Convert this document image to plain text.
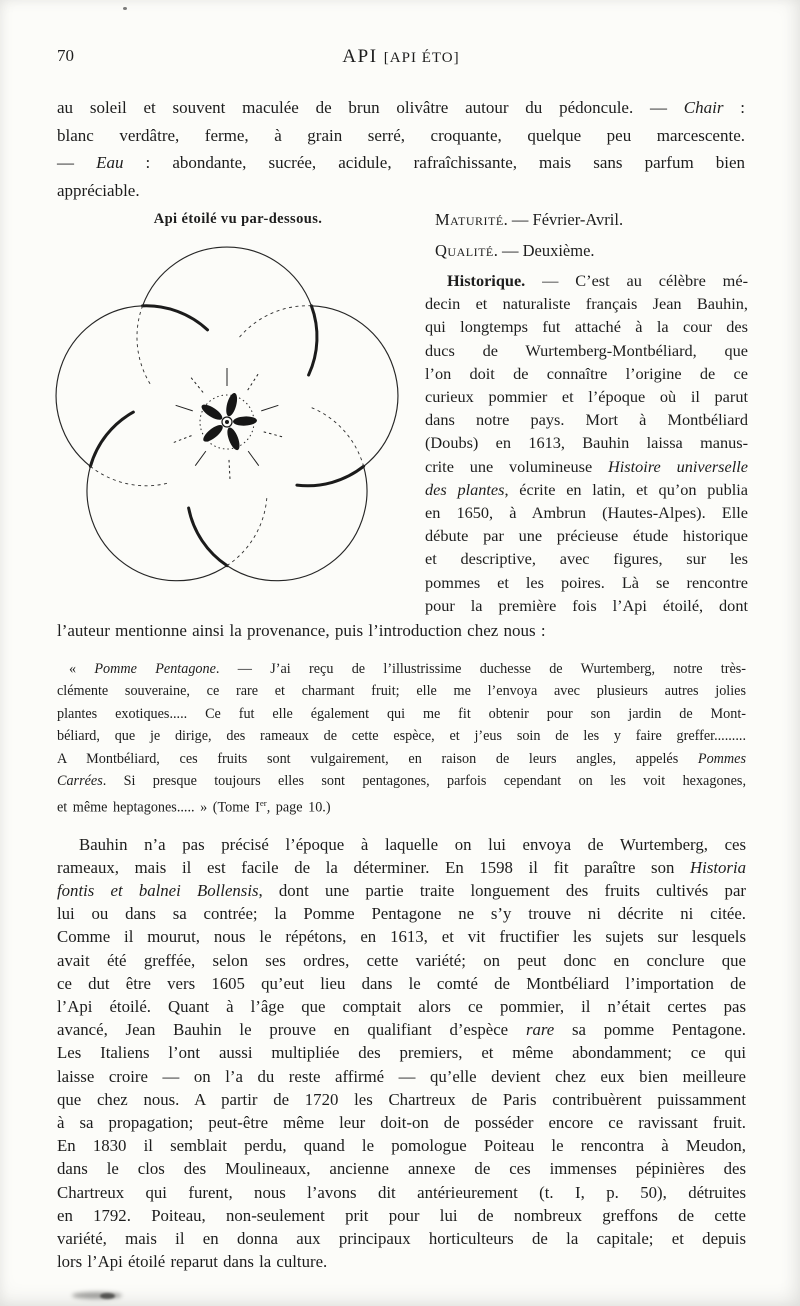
70	API [API ÉTO]
au soleil et souvent maculée de brun olivâtre autour du pédoncule. — Chair :
blanc verdâtre, ferme, à grain serré, croquante, quelque peu marcescente.
— Eau : abondante, sucrée, acidule, rafraîchissante, mais sans parfum bien
appréciable.
Api étoilé vu par-dessous.	Maturité. — Février-Avril.
Qualité. — Deuxième.
Historique. — C’est au célèbre mé-
decin et naturaliste français Jean Bauhin,
qui longtemps fut attaché à la cour des
ducs de Wurtemberg-Montbéliard, que
l’on doit de connaître l’origine de ce
curieux pommier et l’époque où il parut
dans notre pays. Mort à Montbéliard
(Doubs) en 1613, Bauhin laissa manus-
crite une volumineuse Histoire universelle
des plantes, écrite en latin, et qu’on publia
en 1650, à Ambrun (Hautes-Alpes). Elle
débute par une précieuse étude historique
et descriptive, avec figures, sur les
pommes et les poires. Là se rencontre
pour la première fois l’Api étoilé, dont
l’auteur mentionne ainsi la provenance, puis l’introduction chez nous :
« Pomme Pentagone. — J’ai reçu de l’illustrissime duchesse de Wurtemberg, notre très-
clémente souveraine, ce rare et charmant fruit; elle me l’envoya avec plusieurs autres jolies
plantes exotiques..... Ce fut elle également qui me fit obtenir pour son jardin de Mont-
béliard, que je dirige, des rameaux de cette espèce, et j’eus soin de les y faire greffer.........
A Montbéliard, ces fruits sont vulgairement, en raison de leurs angles, appelés Pommes
Carrées. Si presque toujours elles sont pentagones, parfois cependant on les voit hexagones,
et même heptagones..... » (Tome Ier, page 10.)
Bauhin n’a pas précisé l’époque à laquelle on lui envoya de Wurtemberg, ces
rameaux, mais il est facile de la déterminer. En 1598 il fit paraître son Historia
fontis et balnei Bollensis, dont une partie traite longuement des fruits cultivés par
lui ou dans sa contrée; la Pomme Pentagone ne s’y trouve ni décrite ni citée.
Comme il mourut, nous le répétons, en 1613, et vit fructifier les sujets sur lesquels
avait été greffée, selon ses ordres, cette variété; on peut donc en conclure que
ce dut être vers 1605 qu’eut lieu dans le comté de Montbéliard l’importation de
l’Api étoilé. Quant à l’âge que comptait alors ce pommier, il n’était certes pas
avancé, Jean Bauhin le prouve en qualifiant d’espèce rare sa pomme Pentagone.
Les Italiens l’ont aussi multipliée des premiers, et même abondamment; ce qui
laisse croire — on l’a du reste affirmé — qu’elle devient chez eux bien meilleure
que chez nous. A partir de 1720 les Chartreux de Paris contribuèrent puissamment
à sa propagation; peut-être même leur doit-on de posséder encore ce ravissant fruit.
En 1830 il semblait perdu, quand le pomologue Poiteau le rencontra à Meudon,
dans le clos des Moulineaux, ancienne annexe de ces immenses pépinières des
Chartreux qui furent, nous l’avons dit antérieurement (t. I, p. 50), détruites
en 1792. Poiteau, non-seulement prit pour lui de nombreux greffons de cette
variété, mais il en donna aux principaux horticulteurs de la capitale; et depuis
lors l’Api étoilé reparut dans la culture.
